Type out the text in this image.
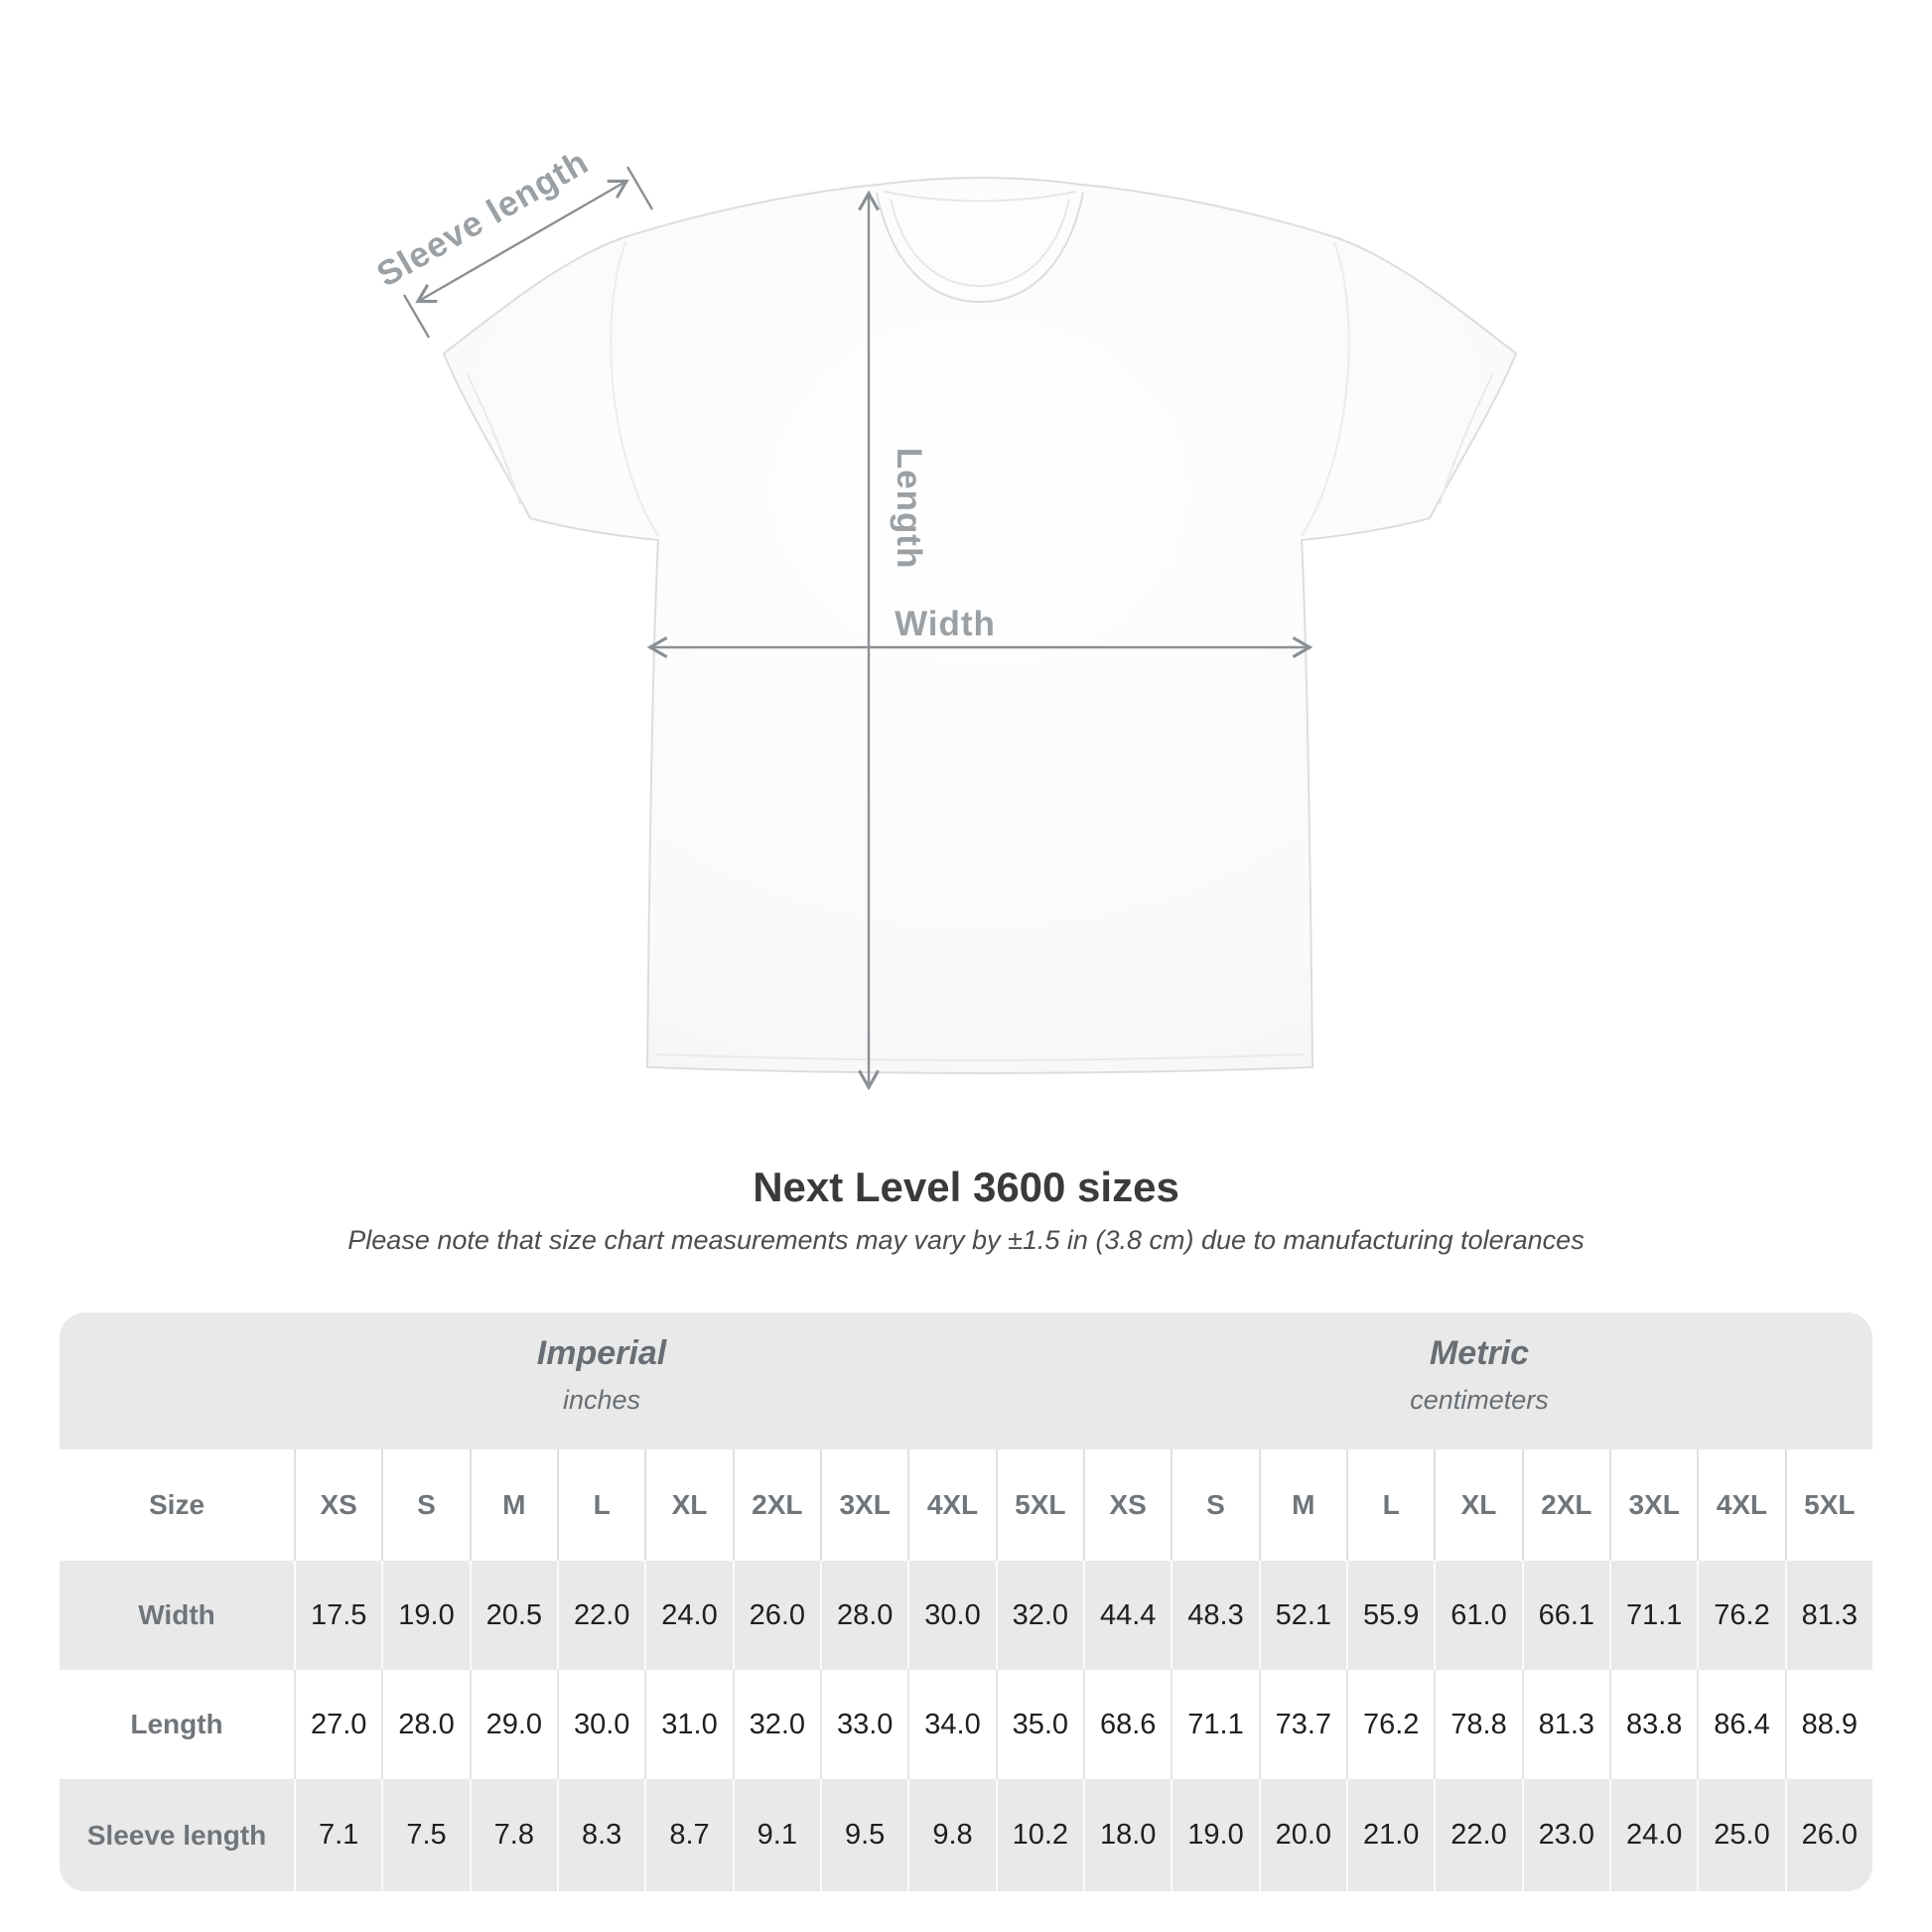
Sleeve length
Length
Width
Next Level 3600 sizes
Please note that size chart measurements may vary by ±1.5 in (3.8 cm) due to manufacturing tolerances
Imperial
inches
Metric
centimeters
Size	XS	S	M	L	XL	2XL	3XL	4XL	5XL	XS	S	M	L	XL	2XL	3XL	4XL	5XL
Width	17.5	19.0	20.5	22.0	24.0	26.0	28.0	30.0	32.0	44.4	48.3	52.1	55.9	61.0	66.1	71.1	76.2	81.3
Length	27.0	28.0	29.0	30.0	31.0	32.0	33.0	34.0	35.0	68.6	71.1	73.7	76.2	78.8	81.3	83.8	86.4	88.9
Sleeve length	7.1	7.5	7.8	8.3	8.7	9.1	9.5	9.8	10.2	18.0	19.0	20.0	21.0	22.0	23.0	24.0	25.0	26.0
